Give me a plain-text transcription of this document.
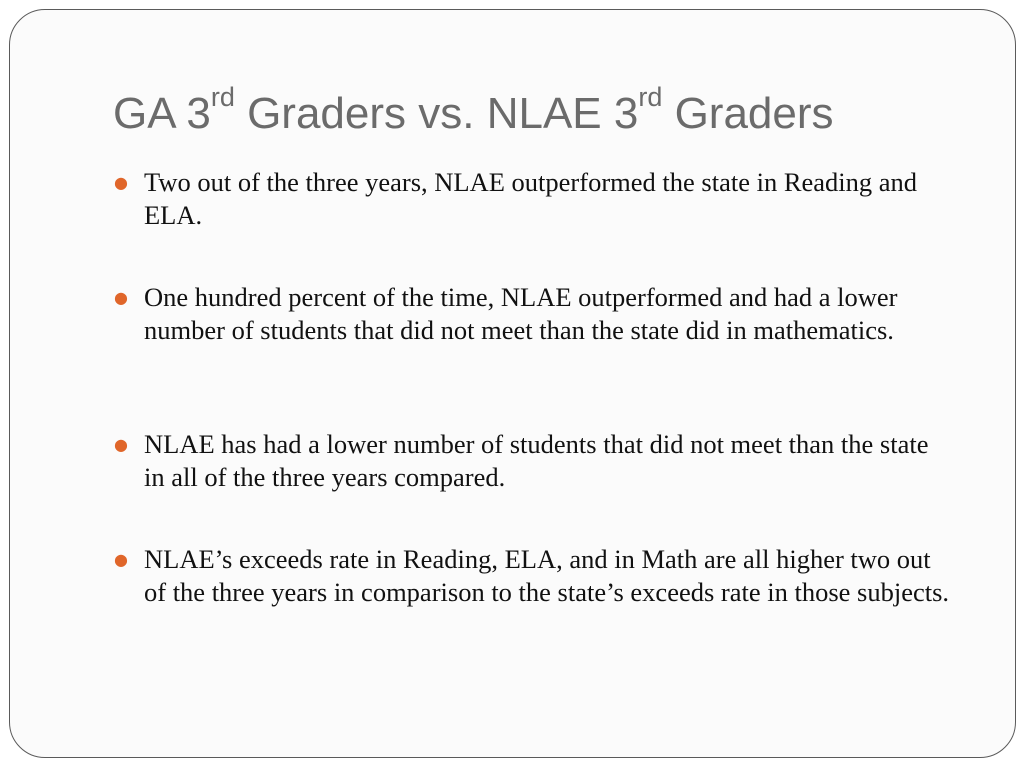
GA 3rd Graders vs. NLAE 3rd Graders
● Two out of the three years, NLAE outperformed the state in Reading and ELA.
● One hundred percent of the time, NLAE outperformed and had a lower number of students that did not meet than the state did in mathematics.
● NLAE has had a lower number of students that did not meet than the state in all of the three years compared.
● NLAE’s exceeds rate in Reading, ELA, and in Math are all higher two out of the three years in comparison to the state’s exceeds rate in those subjects.
